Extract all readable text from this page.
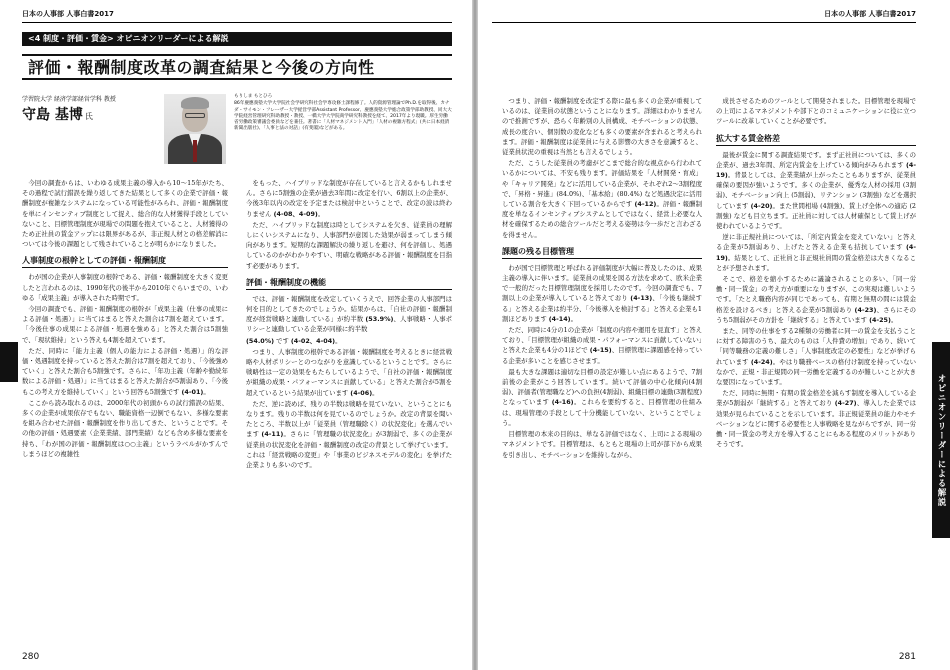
日本の人事部 人事白書2017
<4 制度・評価・賃金> オピニオンリーダーによる解説
評価・報酬制度改革の調査結果と今後の方向性
学習院大学 経済学部経営学科 教授
守島 基博 氏
もりしま もとひろ
86年慶應義塾大学大学院社会学研究科社会学専攻修士課程修了。人的資源管理論でPh.D.を取得後、カナダ・サイモン・フレーザー大学経営学部Assistant Professor、慶應義塾大学総合政策学部助教授、同大大学院経営管理研究科助教授・教授、一橋大学大学院商学研究科教授を経て、2017年より現職。厚生労働省労働政策審議会委員などを兼任。著書に「人材マネジメント入門」「人材の複雑方程式」(共に日本経済新聞出版社)、「人事と法の対話」(有斐閣)などがある。

今回の調査からは、いわゆる成果主義の導入から10～15年がたち、その過程で試行錯誤を繰り返してきた結果として多くの企業で評価・報酬制度が複雑なシステムになっている可能性がみられ、評価・報酬制度を単にインセンティブ制度として捉え、総合的な人材獲得手段としていないこと、目標管理制度が現場での問題を抱えていること、人材獲得のため正社員の賃金アップには限界があるが、非正規人材との格差解消については今後の課題として残されていることが明らかになりました。

人事制度の根幹としての評価・報酬制度

わが国の企業が人事制度の根幹である、評価・報酬制度を大きく変更したと言われるのは、1990年代の後半から2010年ぐらいまでの、いわゆる「成果主義」が導入された時期です。

今回の調査でも、評価・報酬制度の根幹が「成果主義（仕事の成果による評価・処遇）」に当てはまると答えた割合は7割を超えています。「今後仕事の成果による評価・処遇を強める」と答えた割合は5割強で、「現状維持」という答えも4割を超えています。

ただ、同時に「能力主義（個人の能力による評価・処遇）」的な評価・処遇制度を持っていると答えた割合は7割を超えており、「今後強めていく」と答えた割合も5割強です。さらに、「年功主義（年齢や勤続年数による評価・処遇）」に当てはまると答えた割合が5割弱あり、「今後もこの考え方を維持していく」という回答も5割強です (4-01)。

ここから読み取れるのは、2000年代の初頭からの試行錯誤の結果、多くの企業が成果依存でもない、職能資格一辺倒でもない、多様な要素を組み合わせた評価・報酬制度を作り出してきた、ということです。その他の評価・処遇要素（企業業績、部門業績）なども含め多様な要素を持ち、「わが国の評価・報酬制度は○○主義」というラベルがかすんでしまうほどの複雑性

をもった、ハイブリッドな制度が存在していると言えるかもしれません。さらに5割強の企業が過去3年間に改定を行い、6割以上の企業が、今後3年以内の改定を予定または検討中ということで、改定の波は終わりません (4-08、4-09)。

ただ、ハイブリッドな制度は時としてシステムを欠き、従業員の理解しにくいシステムになり、人事部門が意図した効果が弱まってしまう傾向があります。短期的な課題解決の繰り返しを避け、何を評価し、処遇しているのかがわかりやすい、明確な戦略がある評価・報酬制度を目指す必要があります。

評価・報酬制度の機能

では、評価・報酬制度を改定していくうえで、回答企業の人事部門は何を目的としてきたのでしょうか。結果からは、「自社の評価・報酬制度が経営戦略と連動している」が約半数 (53.9%)、人事戦略・人事ポリシーと連動している企業が同様に約半数

(54.0%) です (4-02、4-04)。

つまり、人事制度の根幹である評価・報酬制度を考えるときに経営戦略や人材ポリシーとのつながりを意識しているということです。さらに戦略性は一定の効果をもたらしているようで、「自社の評価・報酬制度が組織の成果・パフォーマンスに貢献している」と答えた割合が5割を超えているという結果が出ています (4-06)。

ただ、逆に読めば、残りの半数は戦略を見ていない、ということにもなります。残りの半数は何を見ているのでしょうか。改定の背景を聞いたところ、半数以上が「従業員（管理職除く）の状況変化」を選んでいます (4-11)。さらに「管理職の状況変化」が3割弱で、多くの企業が従業員の状況変化を評価・報酬制度の改定の背景として挙げています。これは「経営戦略の変更」や「事業のビジネスモデルの変化」を挙げた企業よりも多いのです。

280
日本の人事部 人事白書2017

つまり、評価・報酬制度を改定する際に最も多くの企業が重視しているのは、従業員の状態ということになります。詳細はわかりませんので推測ですが、恐らく年齢別の人員構成、モチベーションの状態、成長の度合い、個別数の変化なども多くの要素が含まれると考えられます。評価・報酬制度は従業員に与える影響の大きさを意識すると、従業員状況の重視は当然とも言えるでしょう。

ただ、こうした従業員の考慮がどこまで総合的な視点から行われているかについては、不安も残ります。評価結果を「人材開発・育成」や「キャリア開発」などに活用している企業が、それぞれ2〜3割程度で、「昇格・昇進」(84.0%)、「基本給」(80.4%) など処遇決定に活用している割合を大きく下回っているからです (4-12)。評価・報酬制度を単なるインセンティブシステムとしてではなく、経営上必要な人材を確保するための総合ツールだと考える姿勢は今一歩だと言わざるを得ません。

課題の残る目標管理

わが国で目標管理と呼ばれる評価制度が大幅に普及したのは、成果主義の導入に伴います。従業員の成果を図る方法を求めて、欧米企業で一般的だった目標管理制度を採用したのです。今回の調査でも、7割以上の企業が導入していると答えており (4-13)、「今後も継続する」と答える企業は約半分、「今後導入を検討する」と答える企業も1割ほどあります (4-14)。

ただ、同時に4分の1の企業が「制度の内容や運用を見直す」と答えており、「目標管理が組織の成果・パフォーマンスに貢献していない」と答えた企業も4分の1ほどで (4-15)、目標管理に課題感を持っている企業が多いことを感じさせます。

最も大きな課題は適切な目標の設定が難しい点にあるようで、7割前後の企業がこう回答しています。続いて評価の中心化傾向(4割弱)、評価者(管理職など)への負担(4割弱)、組織目標の連動(3割程度)となっています (4-16)。これらを要約すると、目標管理の仕組みは、現場管理の手段として十分機能していない、ということでしょう。

目標管理の本来の目的は、単なる評価ではなく、上司による現場のマネジメントです。目標管理は、もともと現場の上司が部下から成果を引き出し、モチベーションを維持しながら、

成長させるためのツールとして開発されました。目標管理を現場での上司によるマネジメントや部下とのコミュニケーションに役に立つツールに改革していくことが必要です。

拡大する賃金格差

最後が賃金に関する調査結果です。まず正社員については、多くの企業が、過去3年間、所定内賃金を上げている傾向がみられます (4-19)。背景としては、企業業績が上がったこともありますが、従業員確保の要因が強いようです。多くの企業が、優秀な人材の採用 (3割弱)、モチベーション向上 (5割弱)、リテンション (3割強) などを選択しています (4-20)。また世間相場 (4割強)、賃上げ全体への適応 (2割強) なども目立ちます。正社員に対しては人材確保として賃上げが使われているようです。

逆に非正規社員については、「所定内賃金を変えていない」と答える企業が5割弱あり、上げたと答える企業も拮抗しています (4-19)。結果として、正社員と非正規社員間の賃金格差は大きくなることが予想されます。

そこで、格差を縮小するために議論されることの多い、「同一労働・同一賃金」の考え方が重要になりますが、この実現は難しいようです。「たとえ職務内容が同じであっても、有期と無期の間には賃金格差を設けるべき」と答える企業が5割弱あり (4-23)、さらにそのうち5割弱がその方針を「継続する」と答えています (4-25)。

また、同等の仕事をする2種類の労働者に同一の賃金を支払うことに対する障害のうち、最大のものは「人件費の増加」であり、続いて「同等職務の定義の難しさ」「人事制度改定の必要性」などが挙げられています (4-24)。やはり職務ベースの格付け制度を持っていないなかで、正規・非正規間の同一労働を定義するのが難しいことが大きな要因になっています。

ただ、同時に無期・有期の賃金格差を減らす制度を導入している企業が5割弱が「継続する」と答えており (4-27)、導入した企業では効果が見られていることを示しています。非正規従業員の能力やモチベーションなどに関する必要性と人事戦略を見ながらですが、同一労働・同一賃金の考え方を導入することにもある程度のメリットがありそうです。	オピニオンリーダーによる解説
281
